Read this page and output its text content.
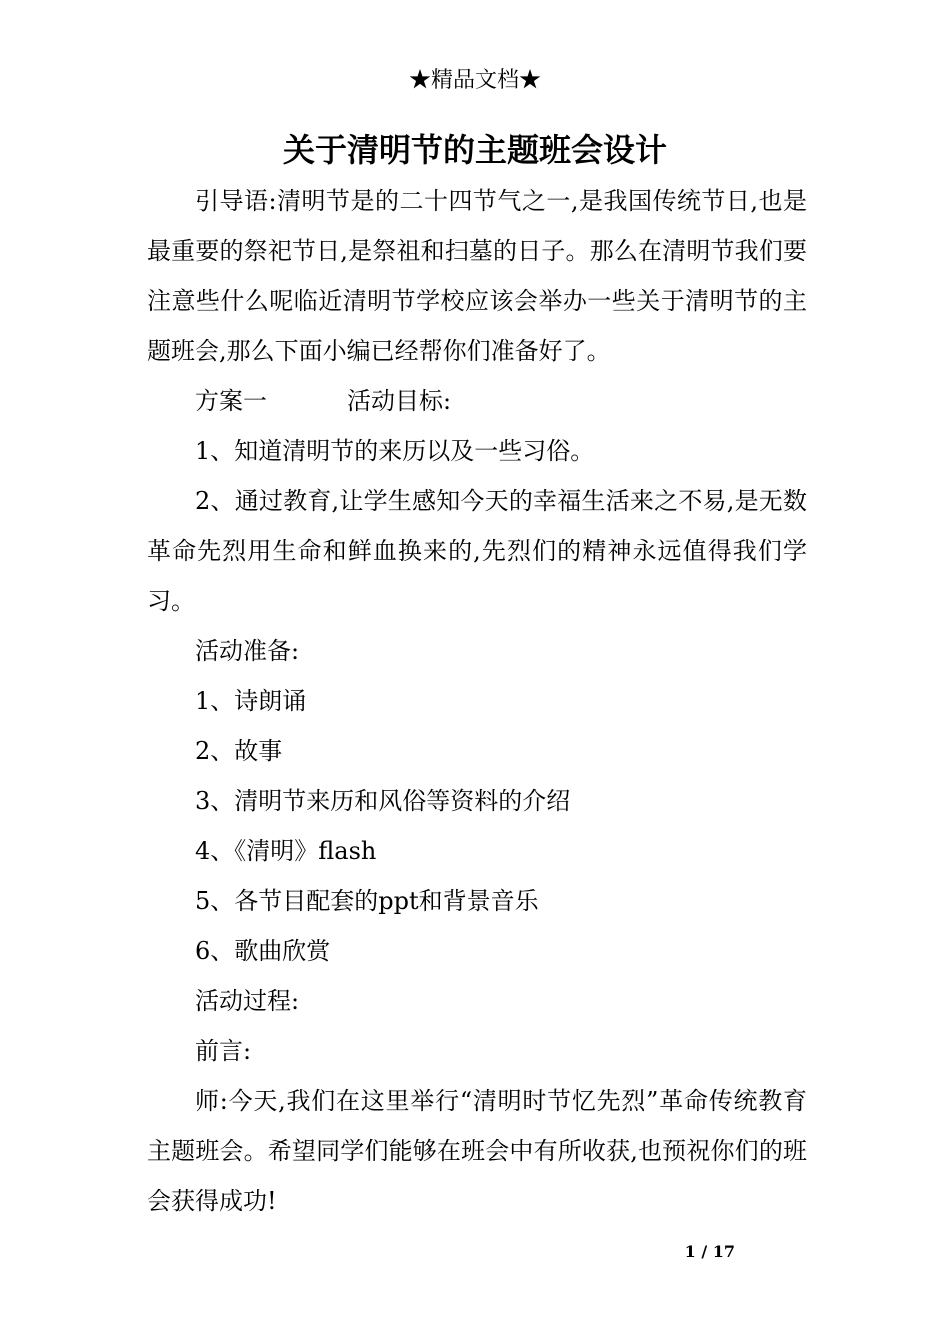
★精品文档★
关于清明节的主题班会设计

引导语:清明节是的二十四节气之一,是我国传统节日,也是最重要的祭祀节日,是祭祖和扫墓的日子。那么在清明节我们要注意些什么呢临近清明节学校应该会举办一些关于清明节的主题班会,那么下面小编已经帮你们准备好了。

方案一	活动目标:

1、知道清明节的来历以及一些习俗。

2、通过教育,让学生感知今天的幸福生活来之不易,是无数革命先烈用生命和鲜血换来的,先烈们的精神永远值得我们学习。

活动准备:

1、诗朗诵

2、故事

3、清明节来历和风俗等资料的介绍

4、《清明》flash

5、各节目配套的ppt和背景音乐

6、歌曲欣赏

活动过程:

前言:

师:今天,我们在这里举行“清明时节忆先烈”革命传统教育主题班会。希望同学们能够在班会中有所收获,也预祝你们的班会获得成功!

1 / 17
